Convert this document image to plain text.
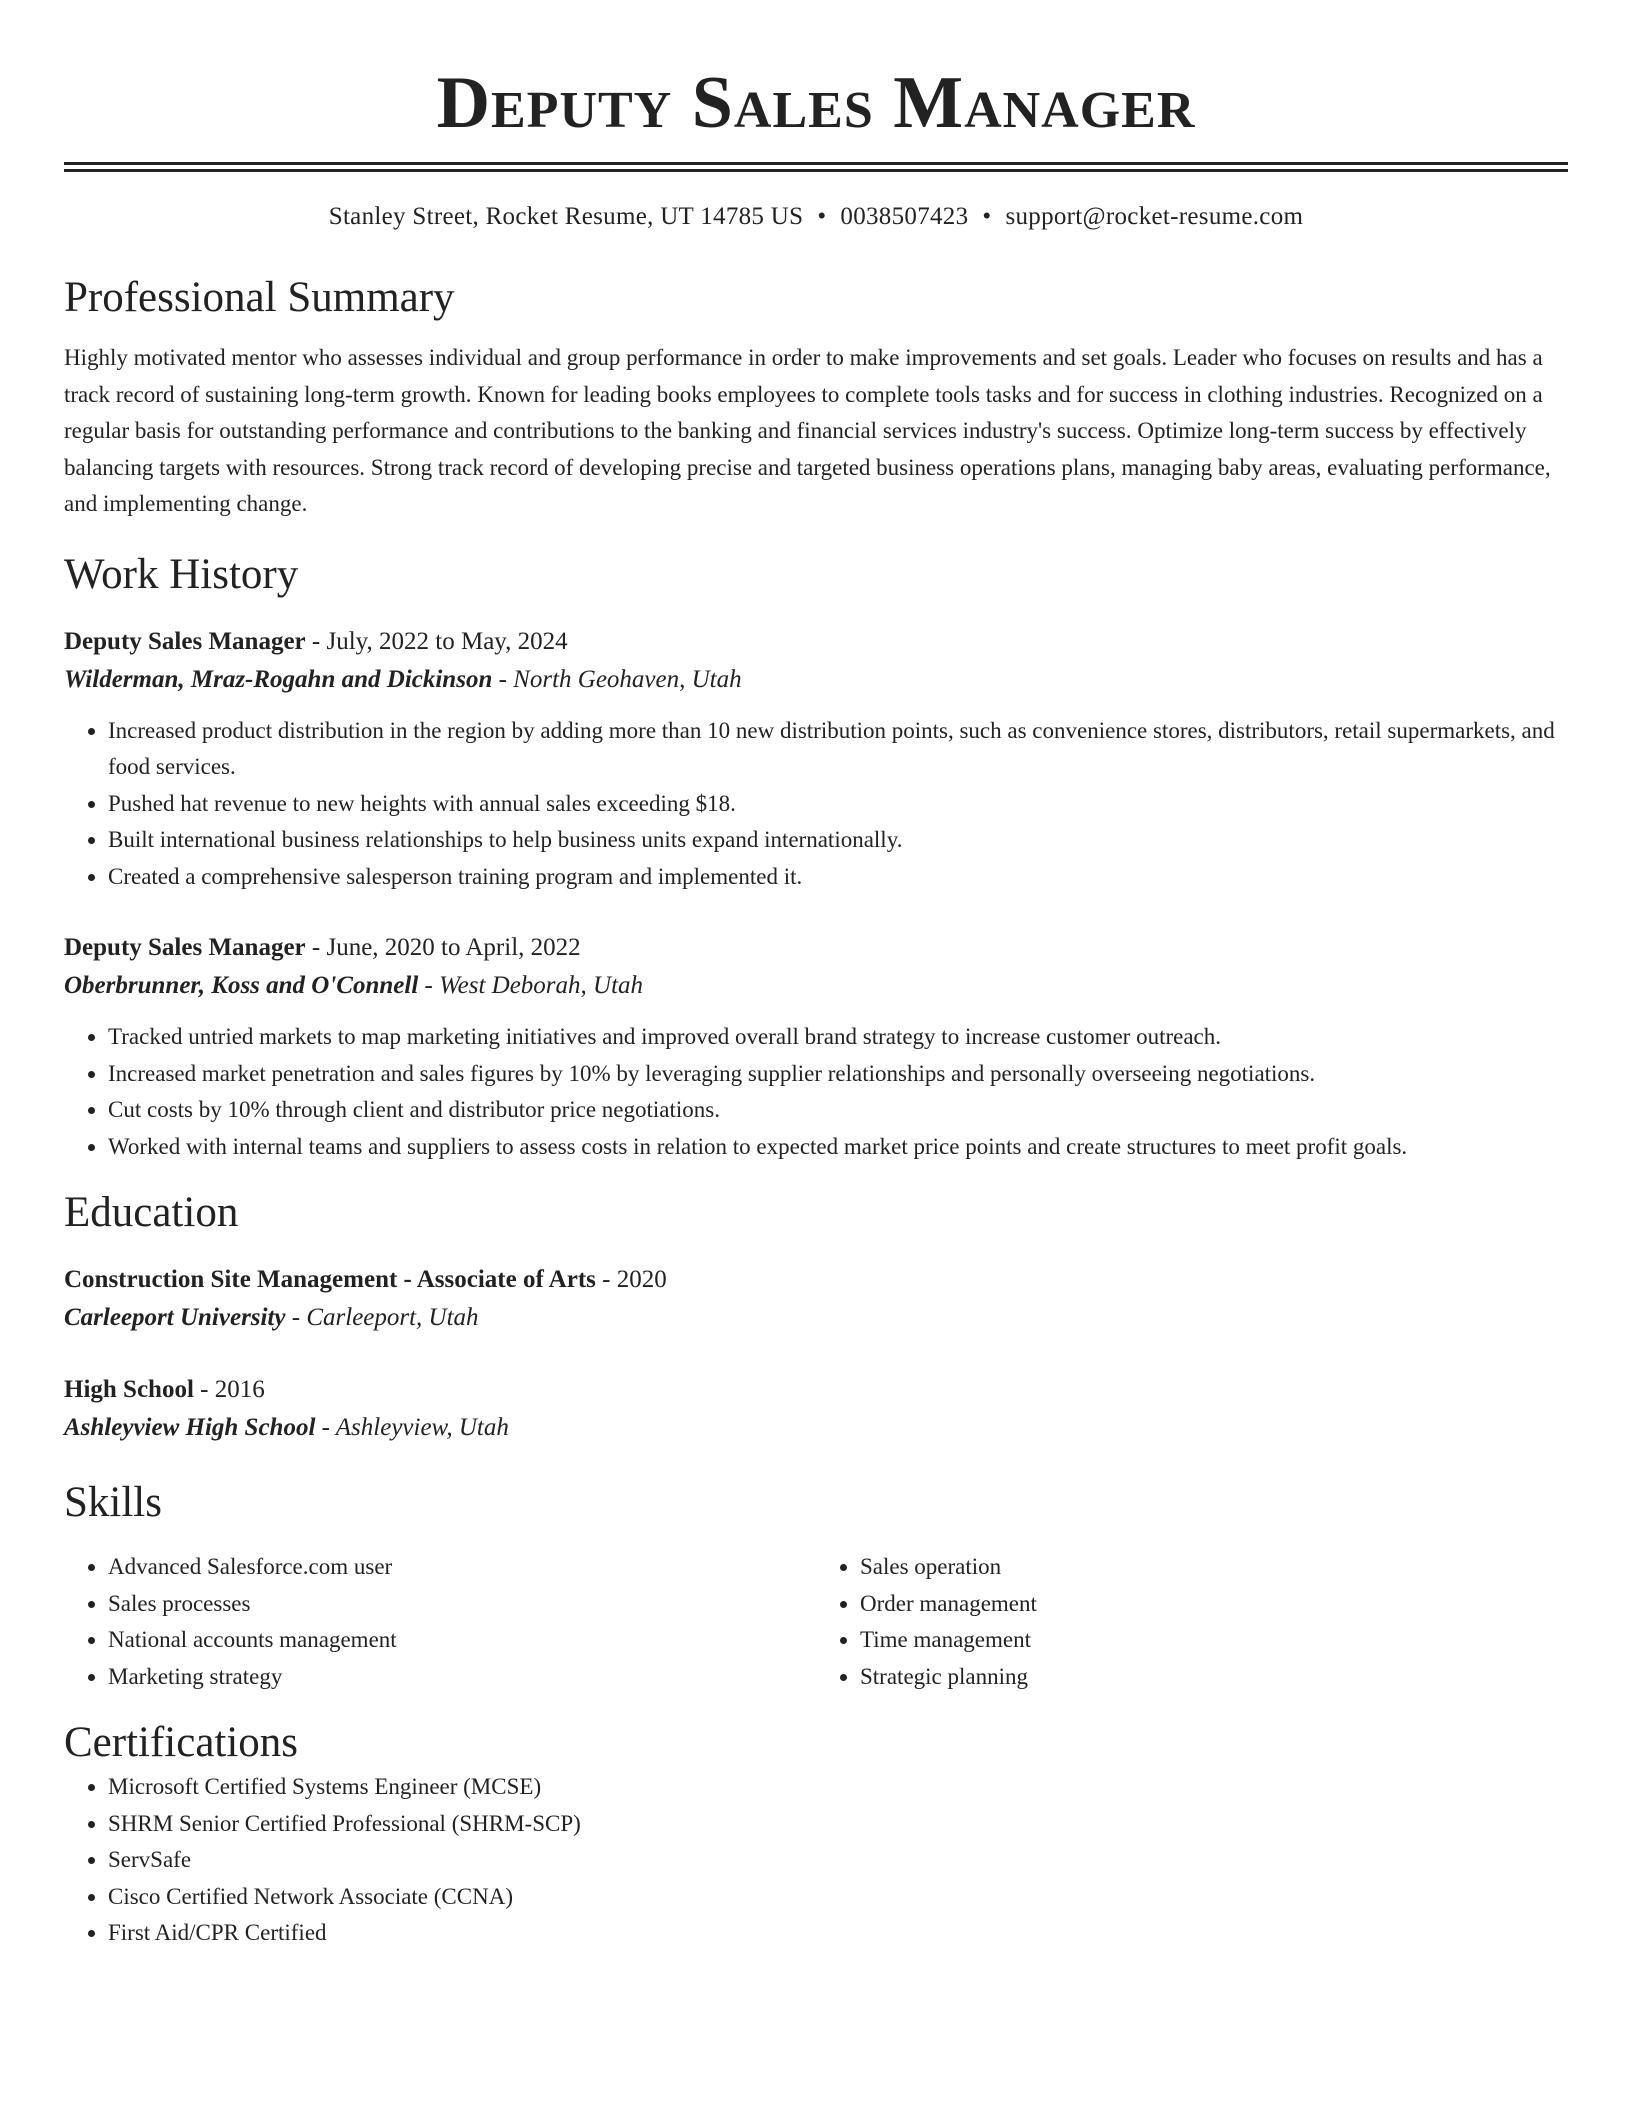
Deputy Sales Manager
Stanley Street, Rocket Resume, UT 14785 US • 0038507423 • support@rocket-resume.com
Professional Summary

Highly motivated mentor who assesses individual and group performance in order to make improvements and set goals. Leader who focuses on results and has a track record of sustaining long-term growth. Known for leading books employees to complete tools tasks and for success in clothing industries. Recognized on a regular basis for outstanding performance and contributions to the banking and financial services industry's success. Optimize long-term success by effectively balancing targets with resources. Strong track record of developing precise and targeted business operations plans, managing baby areas, evaluating performance, and implementing change.

Work History
Deputy Sales Manager - July, 2022 to May, 2024
Wilderman, Mraz-Rogahn and Dickinson - North Geohaven, Utah
• Increased product distribution in the region by adding more than 10 new distribution points, such as convenience stores, distributors, retail supermarkets, and food services.
• Pushed hat revenue to new heights with annual sales exceeding $18.
• Built international business relationships to help business units expand internationally.
• Created a comprehensive salesperson training program and implemented it.
Deputy Sales Manager - June, 2020 to April, 2022
Oberbrunner, Koss and O'Connell - West Deborah, Utah
• Tracked untried markets to map marketing initiatives and improved overall brand strategy to increase customer outreach.
• Increased market penetration and sales figures by 10% by leveraging supplier relationships and personally overseeing negotiations.
• Cut costs by 10% through client and distributor price negotiations.
• Worked with internal teams and suppliers to assess costs in relation to expected market price points and create structures to meet profit goals.
Education
Construction Site Management - Associate of Arts - 2020
Carleeport University - Carleeport, Utah
High School - 2016
Ashleyview High School - Ashleyview, Utah
Skills
• Advanced Salesforce.com user
• Sales processes
• National accounts management
• Marketing strategy
• Sales operation
• Order management
• Time management
• Strategic planning
Certifications
• Microsoft Certified Systems Engineer (MCSE)
• SHRM Senior Certified Professional (SHRM-SCP)
• ServSafe
• Cisco Certified Network Associate (CCNA)
• First Aid/CPR Certified
